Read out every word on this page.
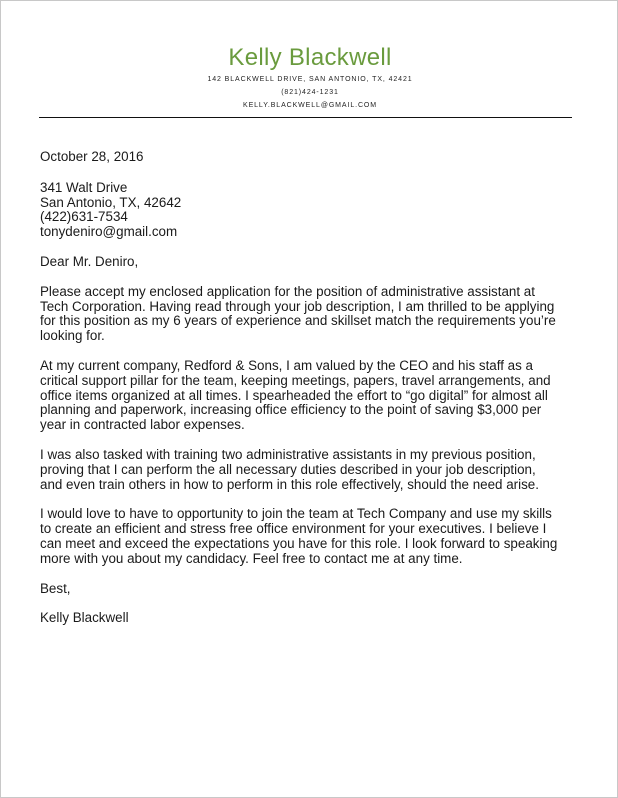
Kelly Blackwell

142 BLACKWELL DRIVE, SAN ANTONIO, TX, 42421

(821)424-1231

KELLY.BLACKWELL@GMAIL.COM

October 28, 2016

341 Walt Drive
San Antonio, TX, 42642
(422)631-7534
tonydeniro@gmail.com

Dear Mr. Deniro,

Please accept my enclosed application for the position of administrative assistant at
Tech Corporation. Having read through your job description, I am thrilled to be applying
for this position as my 6 years of experience and skillset match the requirements you’re
looking for.
At my current company, Redford & Sons, I am valued by the CEO and his staff as a
critical support pillar for the team, keeping meetings, papers, travel arrangements, and
office items organized at all times. I spearheaded the effort to “go digital” for almost all
planning and paperwork, increasing office efficiency to the point of saving $3,000 per
year in contracted labor expenses.
I was also tasked with training two administrative assistants in my previous position,
proving that I can perform the all necessary duties described in your job description,
and even train others in how to perform in this role effectively, should the need arise.
I would love to have to opportunity to join the team at Tech Company and use my skills
to create an efficient and stress free office environment for your executives. I believe I
can meet and exceed the expectations you have for this role. I look forward to speaking
more with you about my candidacy. Feel free to contact me at any time.

Best,

Kelly Blackwell
